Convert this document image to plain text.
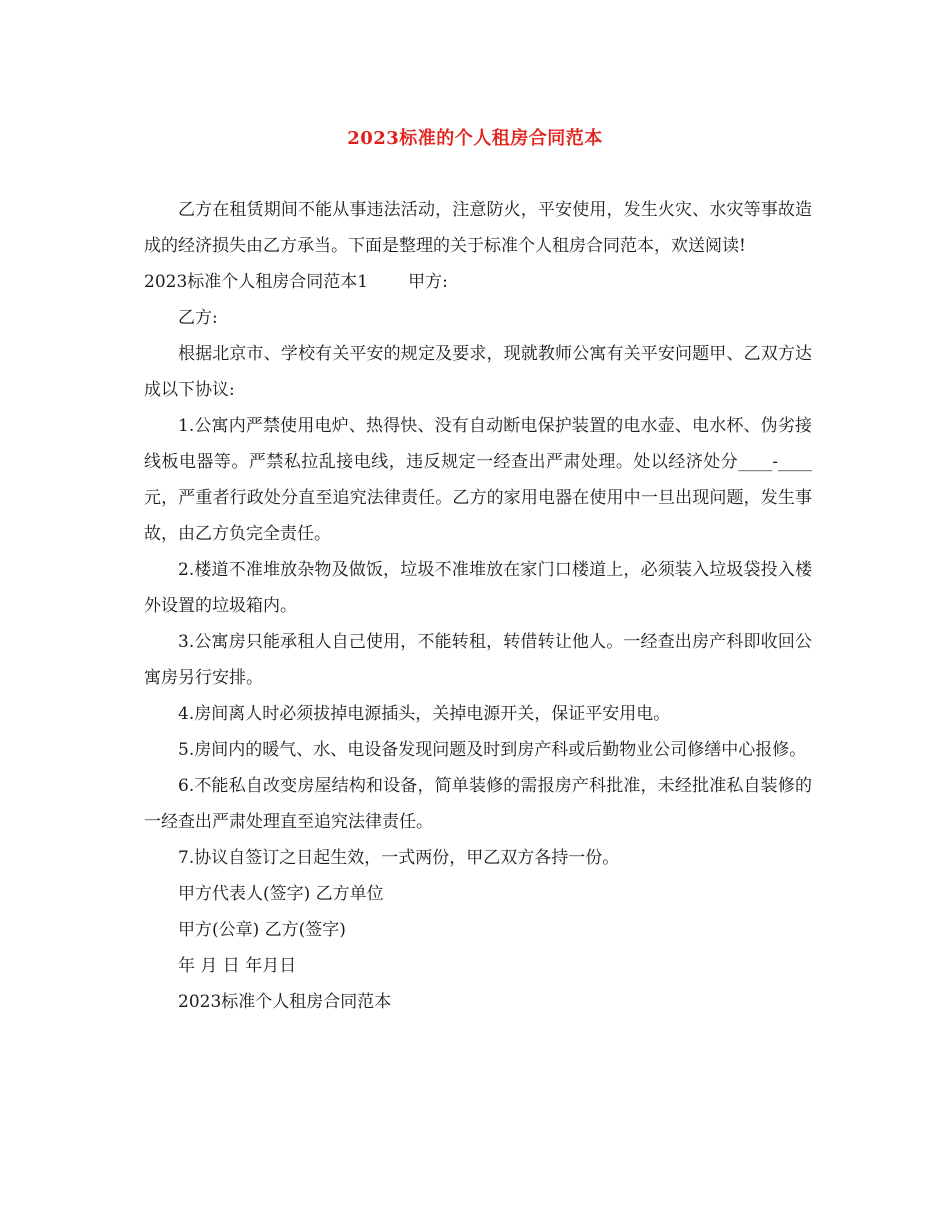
2023标准的个人租房合同范本

乙方在租赁期间不能从事违法活动，注意防火，平安使用，发生火灾、水灾等事故造成的经济损失由乙方承当。下面是整理的关于标准个人租房合同范本，欢送阅读!

2023标准个人租房合同范本1 甲方:

乙方:

根据北京市、学校有关平安的规定及要求，现就教师公寓有关平安问题甲、乙双方达成以下协议:

1.公寓内严禁使用电炉、热得快、没有自动断电保护装置的电水壶、电水杯、伪劣接线板电器等。严禁私拉乱接电线，违反规定一经查出严肃处理。处以经济处分____-____元，严重者行政处分直至追究法律责任。乙方的家用电器在使用中一旦出现问题，发生事故，由乙方负完全责任。

2.楼道不准堆放杂物及做饭，垃圾不准堆放在家门口楼道上，必须装入垃圾袋投入楼外设置的垃圾箱内。

3.公寓房只能承租人自己使用，不能转租，转借转让他人。一经查出房产科即收回公寓房另行安排。

4.房间离人时必须拔掉电源插头，关掉电源开关，保证平安用电。

5.房间内的暖气、水、电设备发现问题及时到房产科或后勤物业公司修缮中心报修。

6.不能私自改变房屋结构和设备，简单装修的需报房产科批准，未经批准私自装修的一经查出严肃处理直至追究法律责任。

7.协议自签订之日起生效，一式两份，甲乙双方各持一份。

甲方代表人(签字) 乙方单位

甲方(公章) 乙方(签字)

年 月 日 年月日

2023标准个人租房合同范本
